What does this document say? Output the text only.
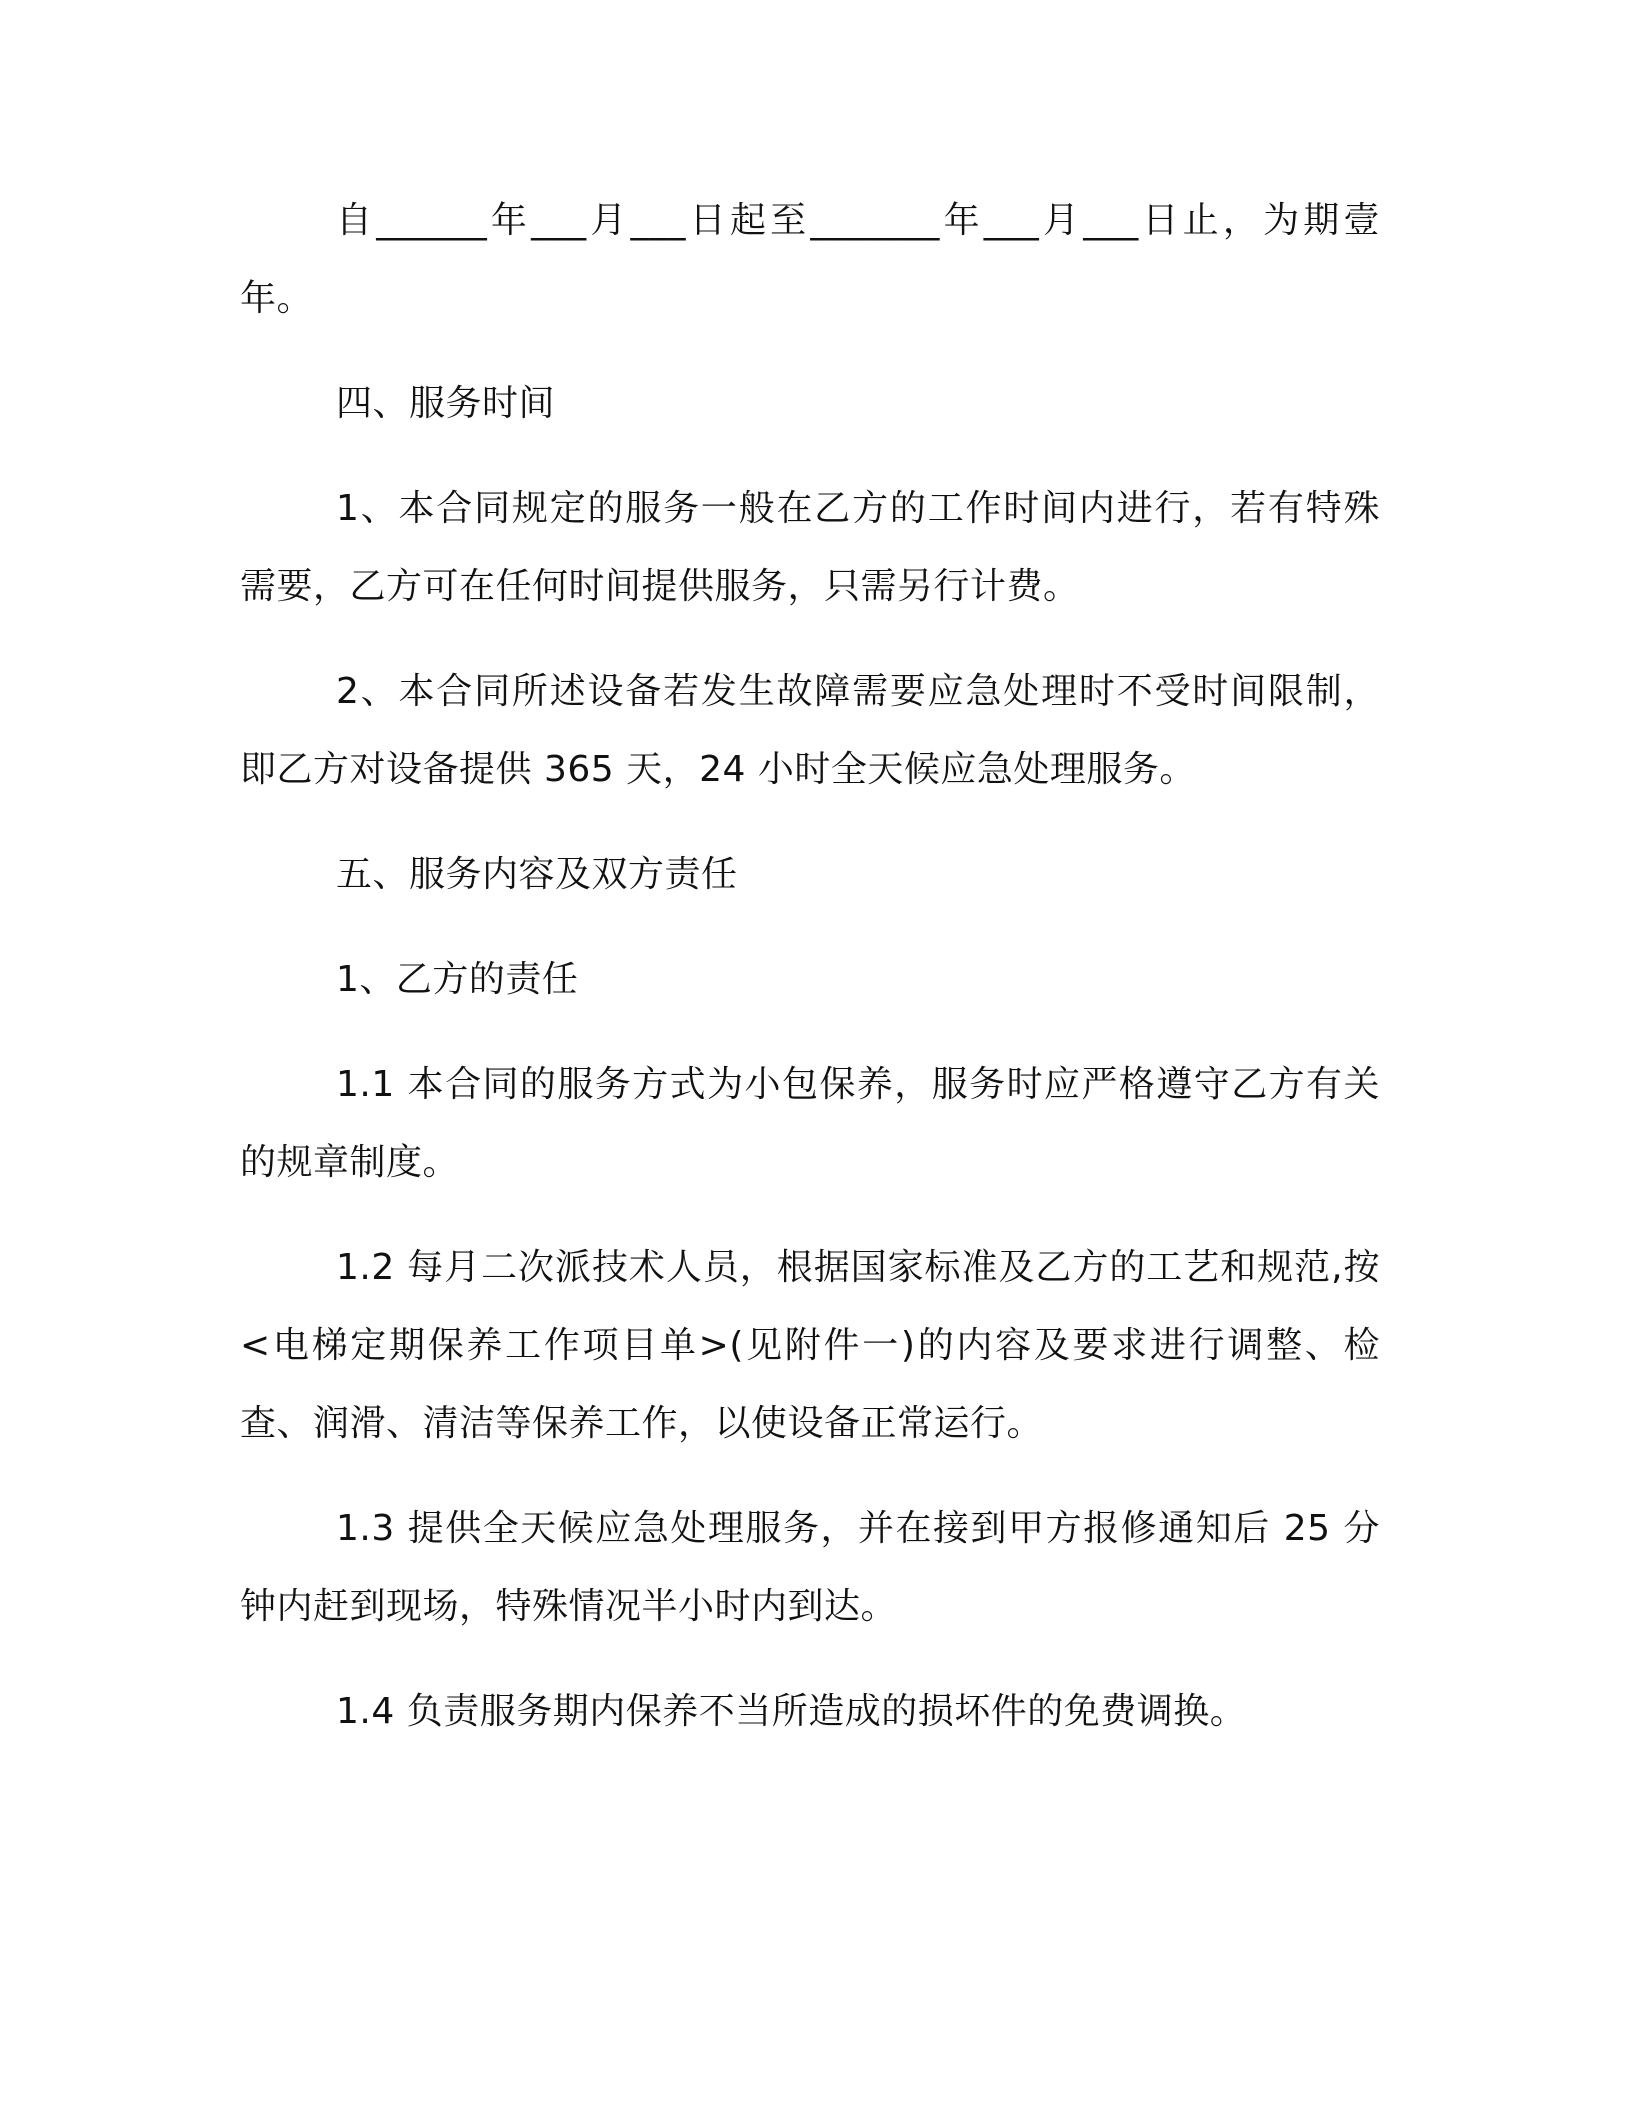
自______年___月___日起至_______年___月___日止，为期壹 年。

四、服务时间

1、本合同规定的服务一般在乙方的工作时间内进行，若有特殊需要，乙方可在任何时间提供服务，只需另行计费。

2、本合同所述设备若发生故障需要应急处理时不受时间限制，即乙方对设备提供 365 天，24 小时全天候应急处理服务。

五、服务内容及双方责任

1、乙方的责任

1.1 本合同的服务方式为小包保养，服务时应严格遵守乙方有关的规章制度。

1.2 每月二次派技术人员，根据国家标准及乙方的工艺和规范,按<电梯定期保养工作项目单>(见附件一)的内容及要求进行调整、检查、润滑、清洁等保养工作，以使设备正常运行。

1.3 提供全天候应急处理服务，并在接到甲方报修通知后 25 分钟内赶到现场，特殊情况半小时内到达。

1.4 负责服务期内保养不当所造成的损坏件的免费调换。
